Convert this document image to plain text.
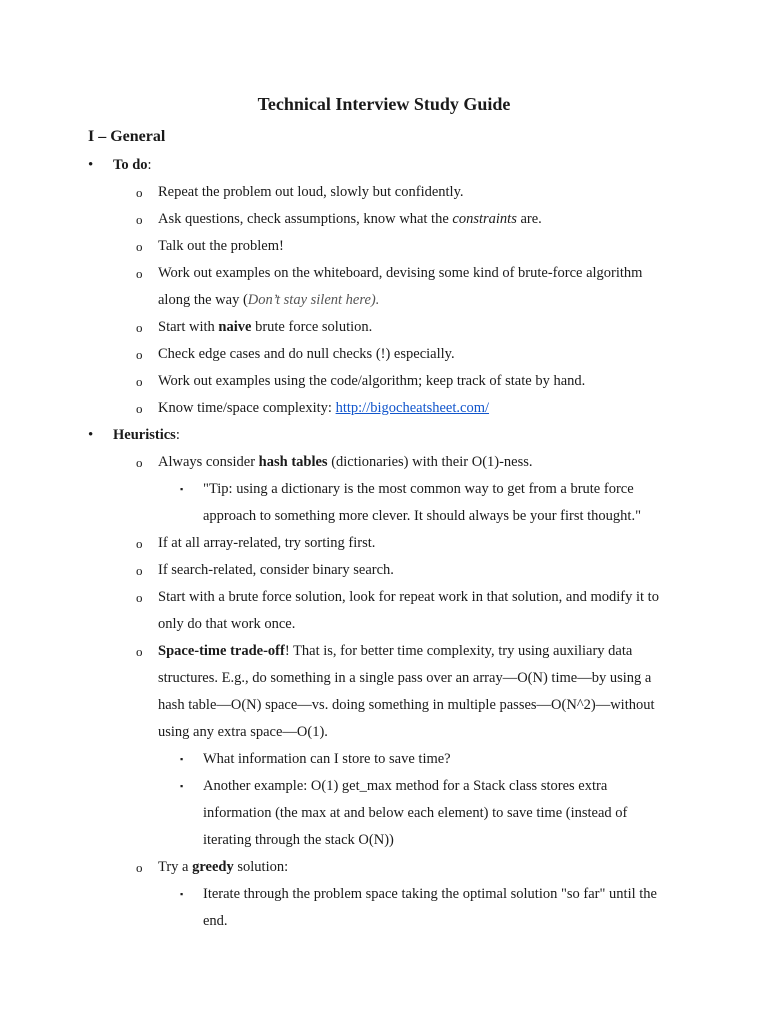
Technical Interview Study Guide
I – General
• To do:
o Repeat the problem out loud, slowly but confidently.
o Ask questions, check assumptions, know what the constraints are.
o Talk out the problem!
o Work out examples on the whiteboard, devising some kind of brute-force algorithm along the way (Don’t stay silent here).
o Start with naive brute force solution.
o Check edge cases and do null checks (!) especially.
o Work out examples using the code/algorithm; keep track of state by hand.
o Know time/space complexity: http://bigocheatsheet.com/
• Heuristics:
o Always consider hash tables (dictionaries) with their O(1)-ness.
▪ "Tip: using a dictionary is the most common way to get from a brute force approach to something more clever. It should always be your first thought."
o If at all array-related, try sorting first.
o If search-related, consider binary search.
o Start with a brute force solution, look for repeat work in that solution, and modify it to only do that work once.
o Space-time trade-off! That is, for better time complexity, try using auxiliary data structures. E.g., do something in a single pass over an array—O(N) time—by using a hash table—O(N) space—vs. doing something in multiple passes—O(N^2)—without using any extra space—O(1).
▪ What information can I store to save time?
▪ Another example: O(1) get_max method for a Stack class stores extra information (the max at and below each element) to save time (instead of iterating through the stack O(N))
o Try a greedy solution:
▪ Iterate through the problem space taking the optimal solution "so far" until the end.
